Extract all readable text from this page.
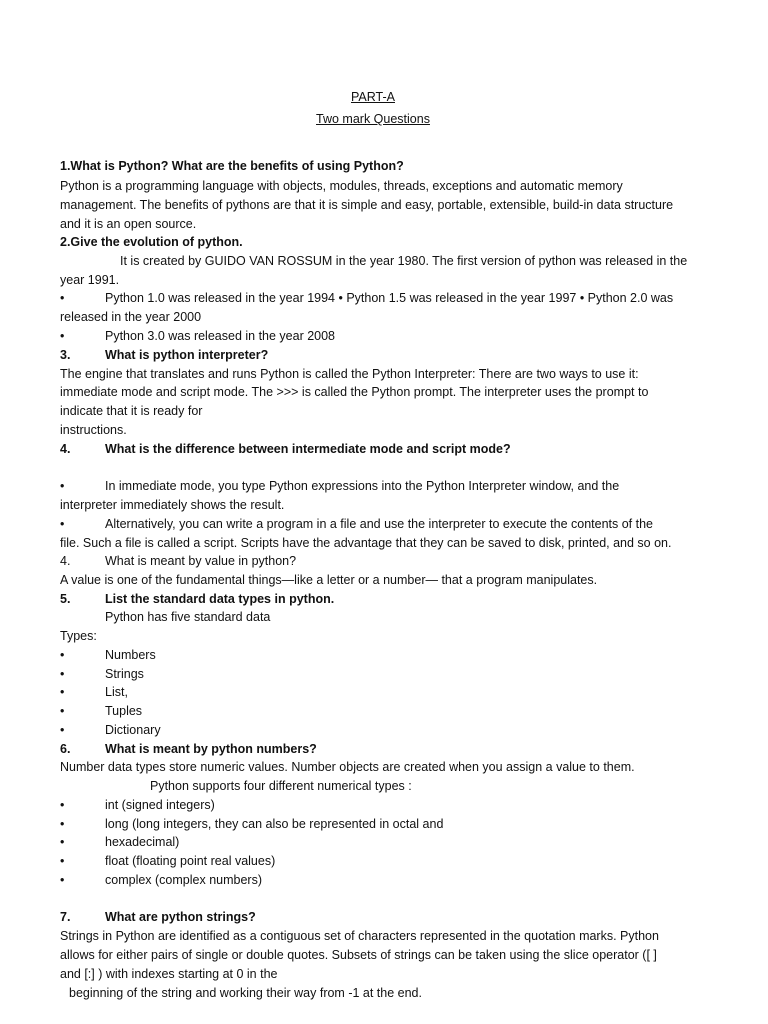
PART-A
Two mark Questions
1.What is Python? What are the benefits of using Python?
Python is a programming language with objects, modules, threads, exceptions and automatic memory
management. The benefits of pythons are that it is simple and easy, portable, extensible, build-in data structure
and it is an open source.
2.Give the evolution of python.
It is created by GUIDO VAN ROSSUM in the year 1980. The first version of python was released in the
year 1991.
•	Python 1.0 was released in the year 1994 • Python 1.5 was released in the year 1997 • Python 2.0 was
released in the year 2000
•	Python 3.0 was released in the year 2008
3.	What is python interpreter?
The engine that translates and runs Python is called the Python Interpreter: There are two ways to use it:
immediate mode and script mode. The >>> is called the Python prompt. The interpreter uses the prompt to
indicate that it is ready for
instructions.
4.	What is the difference between intermediate mode and script mode?
•	In immediate mode, you type Python expressions into the Python Interpreter window, and the
interpreter immediately shows the result.
•	Alternatively, you can write a program in a file and use the interpreter to execute the contents of the
file. Such a file is called a script. Scripts have the advantage that they can be saved to disk, printed, and so on.
4.	What is meant by value in python?
A value is one of the fundamental things—like a letter or a number— that a program manipulates.
5.	List the standard data types in python.
Python has five standard data
Types:
•	Numbers
•	Strings
•	List,
•	Tuples
•	Dictionary
6.	What is meant by python numbers?
Number data types store numeric values. Number objects are created when you assign a value to them.
Python supports four different numerical types :
•	int (signed integers)
•	long (long integers, they can also be represented in octal and
•	hexadecimal)
•	float (floating point real values)
•	complex (complex numbers)
7.	What are python strings?
Strings in Python are identified as a contiguous set of characters represented in the quotation marks. Python
allows for either pairs of single or double quotes. Subsets of strings can be taken using the slice operator ([ ]
and [:] ) with indexes starting at 0 in the
beginning of the string and working their way from -1 at the end.
